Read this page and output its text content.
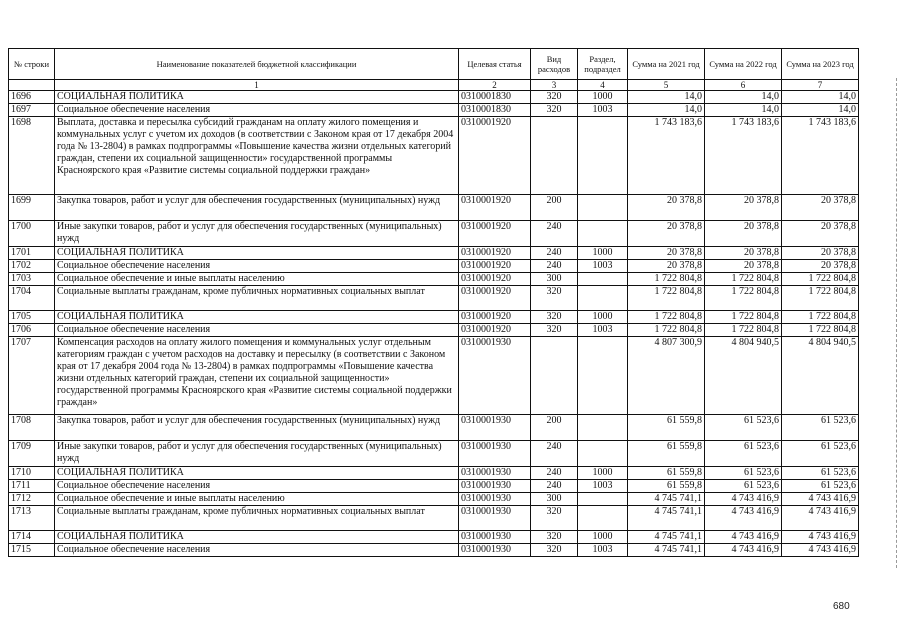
№ строки	Наименование показателей бюджетной классификации	Целевая статья	Вид расходов	Раздел, подраздел	Сумма на 2021 год	Сумма на 2022 год	Сумма на 2023 год
	1	2	3	4	5	6	7
1696	СОЦИАЛЬНАЯ ПОЛИТИКА	0310001830	320	1000	14,0	14,0	14,0
1697	Социальное обеспечение населения	0310001830	320	1003	14,0	14,0	14,0
1698	Выплата, доставка и пересылка субсидий гражданам на оплату жилого помещения и коммунальных услуг с учетом их доходов (в соответствии с Законом края от 17 декабря 2004 года № 13-2804) в рамках подпрограммы «Повышение качества жизни отдельных категорий граждан, степени их социальной защищенности» государственной программы Красноярского края «Развитие системы социальной поддержки граждан»	0310001920			1 743 183,6	1 743 183,6	1 743 183,6
1699	Закупка товаров, работ и услуг для обеспечения государственных (муниципальных) нужд	0310001920	200		20 378,8	20 378,8	20 378,8
1700	Иные закупки товаров, работ и услуг для обеспечения государственных (муниципальных) нужд	0310001920	240		20 378,8	20 378,8	20 378,8
1701	СОЦИАЛЬНАЯ ПОЛИТИКА	0310001920	240	1000	20 378,8	20 378,8	20 378,8
1702	Социальное обеспечение населения	0310001920	240	1003	20 378,8	20 378,8	20 378,8
1703	Социальное обеспечение и иные выплаты населению	0310001920	300		1 722 804,8	1 722 804,8	1 722 804,8
1704	Социальные выплаты гражданам, кроме публичных нормативных социальных выплат	0310001920	320		1 722 804,8	1 722 804,8	1 722 804,8
1705	СОЦИАЛЬНАЯ ПОЛИТИКА	0310001920	320	1000	1 722 804,8	1 722 804,8	1 722 804,8
1706	Социальное обеспечение населения	0310001920	320	1003	1 722 804,8	1 722 804,8	1 722 804,8
1707	Компенсация расходов на оплату жилого помещения и коммунальных услуг отдельным категориям граждан с учетом расходов на доставку и пересылку (в соответствии с Законом края от 17 декабря 2004 года № 13-2804) в рамках подпрограммы «Повышение качества жизни отдельных категорий граждан, степени их социальной защищенности» государственной программы Красноярского края «Развитие системы социальной поддержки граждан»	0310001930			4 807 300,9	4 804 940,5	4 804 940,5
1708	Закупка товаров, работ и услуг для обеспечения государственных (муниципальных) нужд	0310001930	200		61 559,8	61 523,6	61 523,6
1709	Иные закупки товаров, работ и услуг для обеспечения государственных (муниципальных) нужд	0310001930	240		61 559,8	61 523,6	61 523,6
1710	СОЦИАЛЬНАЯ ПОЛИТИКА	0310001930	240	1000	61 559,8	61 523,6	61 523,6
1711	Социальное обеспечение населения	0310001930	240	1003	61 559,8	61 523,6	61 523,6
1712	Социальное обеспечение и иные выплаты населению	0310001930	300		4 745 741,1	4 743 416,9	4 743 416,9
1713	Социальные выплаты гражданам, кроме публичных нормативных социальных выплат	0310001930	320		4 745 741,1	4 743 416,9	4 743 416,9
1714	СОЦИАЛЬНАЯ ПОЛИТИКА	0310001930	320	1000	4 745 741,1	4 743 416,9	4 743 416,9
1715	Социальное обеспечение населения	0310001930	320	1003	4 745 741,1	4 743 416,9	4 743 416,9
680
